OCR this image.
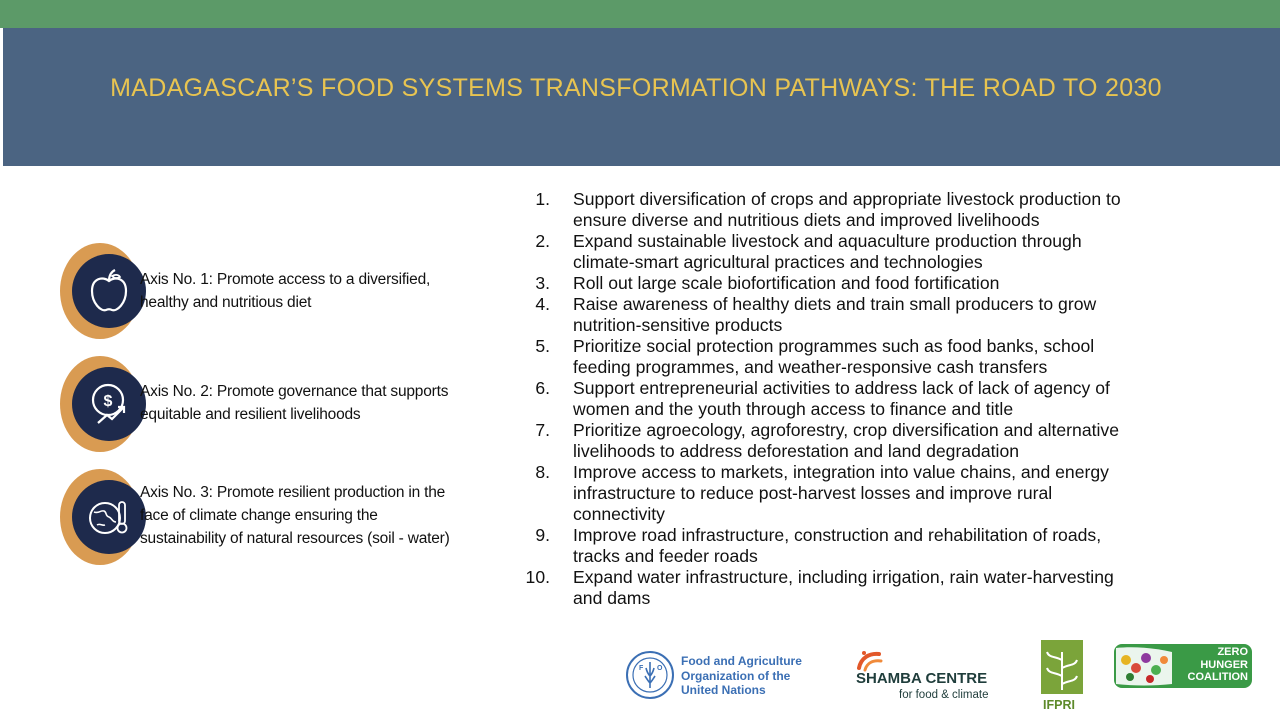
MADAGASCAR’S FOOD SYSTEMS TRANSFORMATION PATHWAYS: THE ROAD TO 2030
Axis No. 1: Promote access to a diversified,
healthy and nutritious diet
$
Axis No. 2: Promote governance that supports
equitable and resilient livelihoods
Axis No. 3: Promote resilient production in the
face of climate change ensuring the
sustainability of natural resources (soil - water)
1. Support diversification of crops and appropriate livestock production to
ensure diverse and nutritious diets and improved livelihoods
2. Expand sustainable livestock and aquaculture production through
climate-smart agricultural practices and technologies
3. Roll out large scale biofortification and food fortification
4. Raise awareness of healthy diets and train small producers to grow
nutrition-sensitive products
5. Prioritize social protection programmes such as food banks, school
feeding programmes, and weather-responsive cash transfers
6. Support entrepreneurial activities to address lack of lack of agency of
women and the youth through access to finance and title
7. Prioritize agroecology, agroforestry, crop diversification and alternative
livelihoods to address deforestation and land degradation
8. Improve access to markets, integration into value chains, and energy
infrastructure to reduce post-harvest losses and improve rural
connectivity
9. Improve road infrastructure, construction and rehabilitation of roads,
tracks and feeder roads
10. Expand water infrastructure, including irrigation, rain water-harvesting
and dams
F O
Food and Agriculture
Organization of the
United Nations
SHAMBA CENTRE
for food & climate
IFPRI
ZERO
HUNGER
COALITION
